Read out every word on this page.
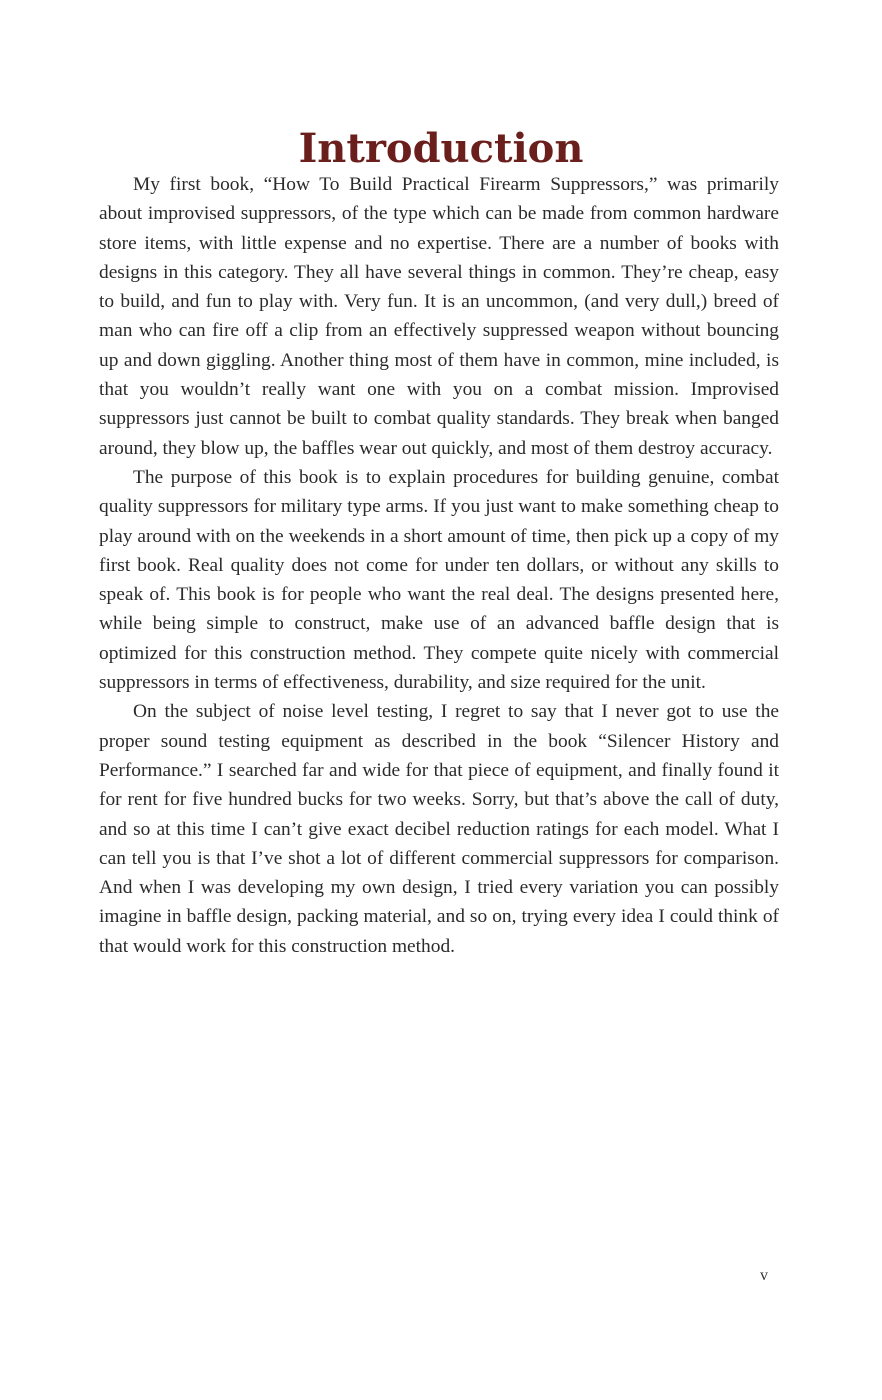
Introduction

My first book, “How To Build Practical Firearm Suppressors,” was primarily about improvised suppressors, of the type which can be made from common hardware store items, with little expense and no expertise. There are a number of books with designs in this category. They all have several things in common. They’re cheap, easy to build, and fun to play with. Very fun. It is an uncommon, (and very dull,) breed of man who can fire off a clip from an effectively suppressed weapon without bouncing up and down giggling. Another thing most of them have in common, mine included, is that you wouldn’t really want one with you on a combat mission. Improvised suppressors just cannot be built to combat quality standards. They break when banged around, they blow up, the baffles wear out quickly, and most of them destroy accuracy.

The purpose of this book is to explain procedures for building genuine, combat quality suppressors for military type arms. If you just want to make something cheap to play around with on the weekends in a short amount of time, then pick up a copy of my first book. Real quality does not come for under ten dollars, or without any skills to speak of. This book is for people who want the real deal. The designs presented here, while being simple to construct, make use of an advanced baffle design that is optimized for this construction method. They compete quite nicely with commercial suppressors in terms of effectiveness, durability, and size required for the unit.

On the subject of noise level testing, I regret to say that I never got to use the proper sound testing equipment as described in the book “Silencer History and Performance.” I searched far and wide for that piece of equipment, and finally found it for rent for five hundred bucks for two weeks. Sorry, but that’s above the call of duty, and so at this time I can’t give exact decibel reduction ratings for each model. What I can tell you is that I’ve shot a lot of different commercial suppressors for comparison. And when I was developing my own design, I tried every variation you can possibly imagine in baffle design, packing material, and so on, trying every idea I could think of that would work for this construction method.

v
